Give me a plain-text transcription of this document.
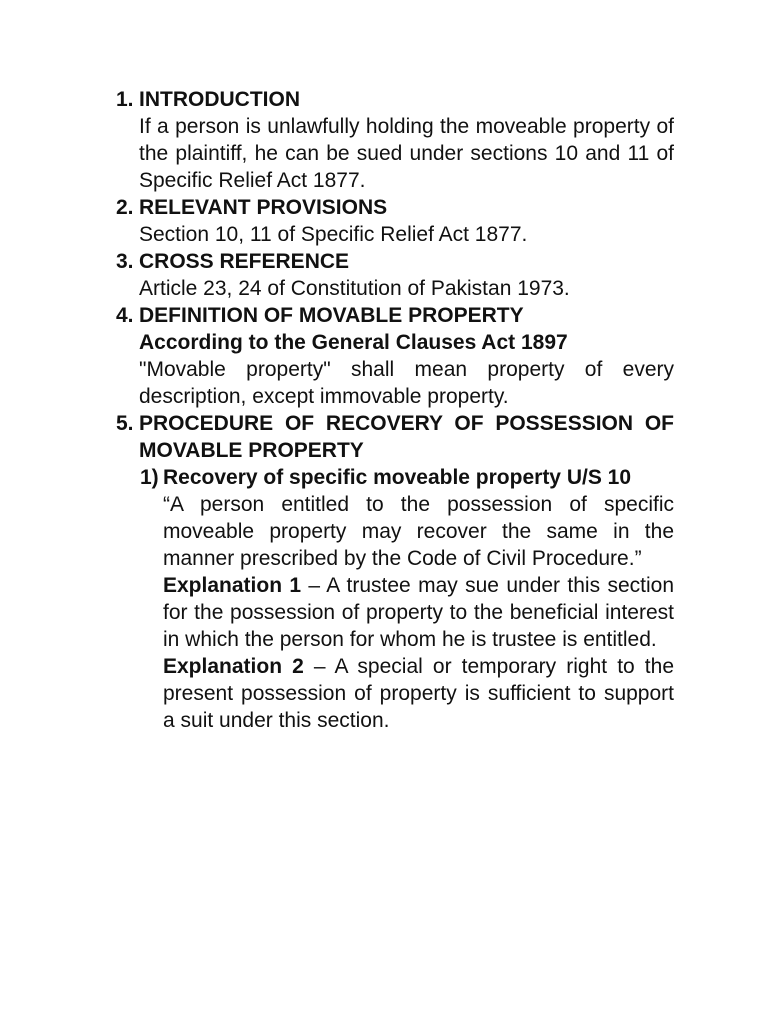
1. INTRODUCTION
If a person is unlawfully holding the moveable property of the plaintiff, he can be sued under sections 10 and 11 of Specific Relief Act 1877.
2. RELEVANT PROVISIONS
Section 10, 11 of Specific Relief Act 1877.
3. CROSS REFERENCE
Article 23, 24 of Constitution of Pakistan 1973.
4. DEFINITION OF MOVABLE PROPERTY
According to the General Clauses Act 1897
"Movable property" shall mean property of every description, except immovable property.
5. PROCEDURE OF RECOVERY OF POSSESSION OF MOVABLE PROPERTY
1) Recovery of specific moveable property U/S 10
“A person entitled to the possession of specific moveable property may recover the same in the manner prescribed by the Code of Civil Procedure.”
Explanation 1 – A trustee may sue under this section for the possession of property to the beneficial interest in which the person for whom he is trustee is entitled.
Explanation 2 – A special or temporary right to the present possession of property is sufficient to support a suit under this section.
